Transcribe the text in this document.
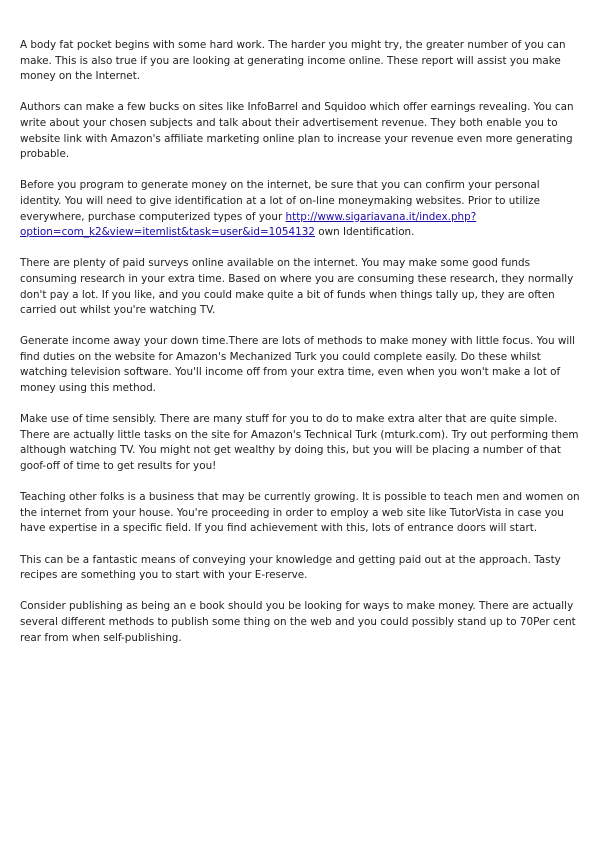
A body fat pocket begins with some hard work. The harder you might try, the greater number of you can make. This is also true if you are looking at generating income online. These report will assist you make money on the Internet.

Authors can make a few bucks on sites like InfoBarrel and Squidoo which offer earnings revealing. You can write about your chosen subjects and talk about their advertisement revenue. They both enable you to website link with Amazon's affiliate marketing online plan to increase your revenue even more generating probable.

Before you program to generate money on the internet, be sure that you can confirm your personal identity. You will need to give identification at a lot of on-line moneymaking websites. Prior to utilize everywhere, purchase computerized types of your http://www.sigariavana.it/index.php?option=com_k2&view=itemlist&task=user&id=1054132 own Identification.

There are plenty of paid surveys online available on the internet. You may make some good funds consuming research in your extra time. Based on where you are consuming these research, they normally don't pay a lot. If you like, and you could make quite a bit of funds when things tally up, they are often carried out whilst you're watching TV.

Generate income away your down time.There are lots of methods to make money with little focus. You will find duties on the website for Amazon's Mechanized Turk you could complete easily. Do these whilst watching television software. You'll income off from your extra time, even when you won't make a lot of money using this method.

Make use of time sensibly. There are many stuff for you to do to make extra alter that are quite simple. There are actually little tasks on the site for Amazon's Technical Turk (mturk.com). Try out performing them although watching TV. You might not get wealthy by doing this, but you will be placing a number of that goof-off of time to get results for you!

Teaching other folks is a business that may be currently growing. It is possible to teach men and women on the internet from your house. You're proceeding in order to employ a web site like TutorVista in case you have expertise in a specific field. If you find achievement with this, lots of entrance doors will start.

This can be a fantastic means of conveying your knowledge and getting paid out at the approach. Tasty recipes are something you to start with your E-reserve.

Consider publishing as being an e book should you be looking for ways to make money. There are actually several different methods to publish some thing on the web and you could possibly stand up to 70Per cent rear from when self-publishing.
